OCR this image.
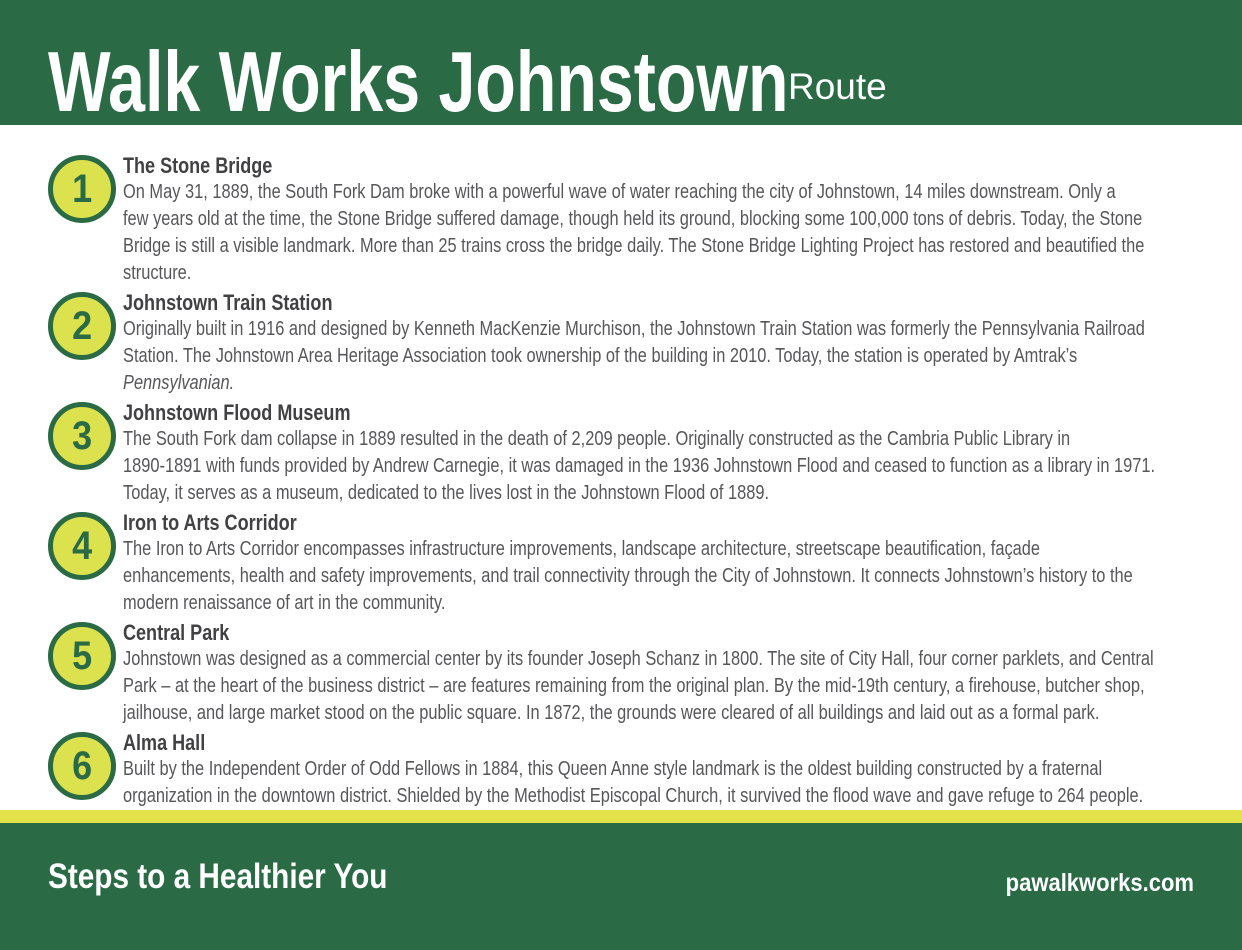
Walk Works Johnstown Route
1
The Stone Bridge
On May 31, 1889, the South Fork Dam broke with a powerful wave of water reaching the city of Johnstown, 14 miles downstream. Only a
few years old at the time, the Stone Bridge suffered damage, though held its ground, blocking some 100,000 tons of debris. Today, the Stone
Bridge is still a visible landmark. More than 25 trains cross the bridge daily. The Stone Bridge Lighting Project has restored and beautified the
structure.
2
Johnstown Train Station
Originally built in 1916 and designed by Kenneth MacKenzie Murchison, the Johnstown Train Station was formerly the Pennsylvania Railroad
Station. The Johnstown Area Heritage Association took ownership of the building in 2010. Today, the station is operated by Amtrak’s
Pennsylvanian.
3
Johnstown Flood Museum
The South Fork dam collapse in 1889 resulted in the death of 2,209 people. Originally constructed as the Cambria Public Library in
1890-1891 with funds provided by Andrew Carnegie, it was damaged in the 1936 Johnstown Flood and ceased to function as a library in 1971.
Today, it serves as a museum, dedicated to the lives lost in the Johnstown Flood of 1889.
4
Iron to Arts Corridor
The Iron to Arts Corridor encompasses infrastructure improvements, landscape architecture, streetscape beautification, façade
enhancements, health and safety improvements, and trail connectivity through the City of Johnstown. It connects Johnstown’s history to the
modern renaissance of art in the community.
5
Central Park
Johnstown was designed as a commercial center by its founder Joseph Schanz in 1800. The site of City Hall, four corner parklets, and Central
Park – at the heart of the business district – are features remaining from the original plan. By the mid-19th century, a firehouse, butcher shop,
jailhouse, and large market stood on the public square. In 1872, the grounds were cleared of all buildings and laid out as a formal park.
6
Alma Hall
Built by the Independent Order of Odd Fellows in 1884, this Queen Anne style landmark is the oldest building constructed by a fraternal
organization in the downtown district. Shielded by the Methodist Episcopal Church, it survived the flood wave and gave refuge to 264 people.
Steps to a Healthier You	pawalkworks.com
